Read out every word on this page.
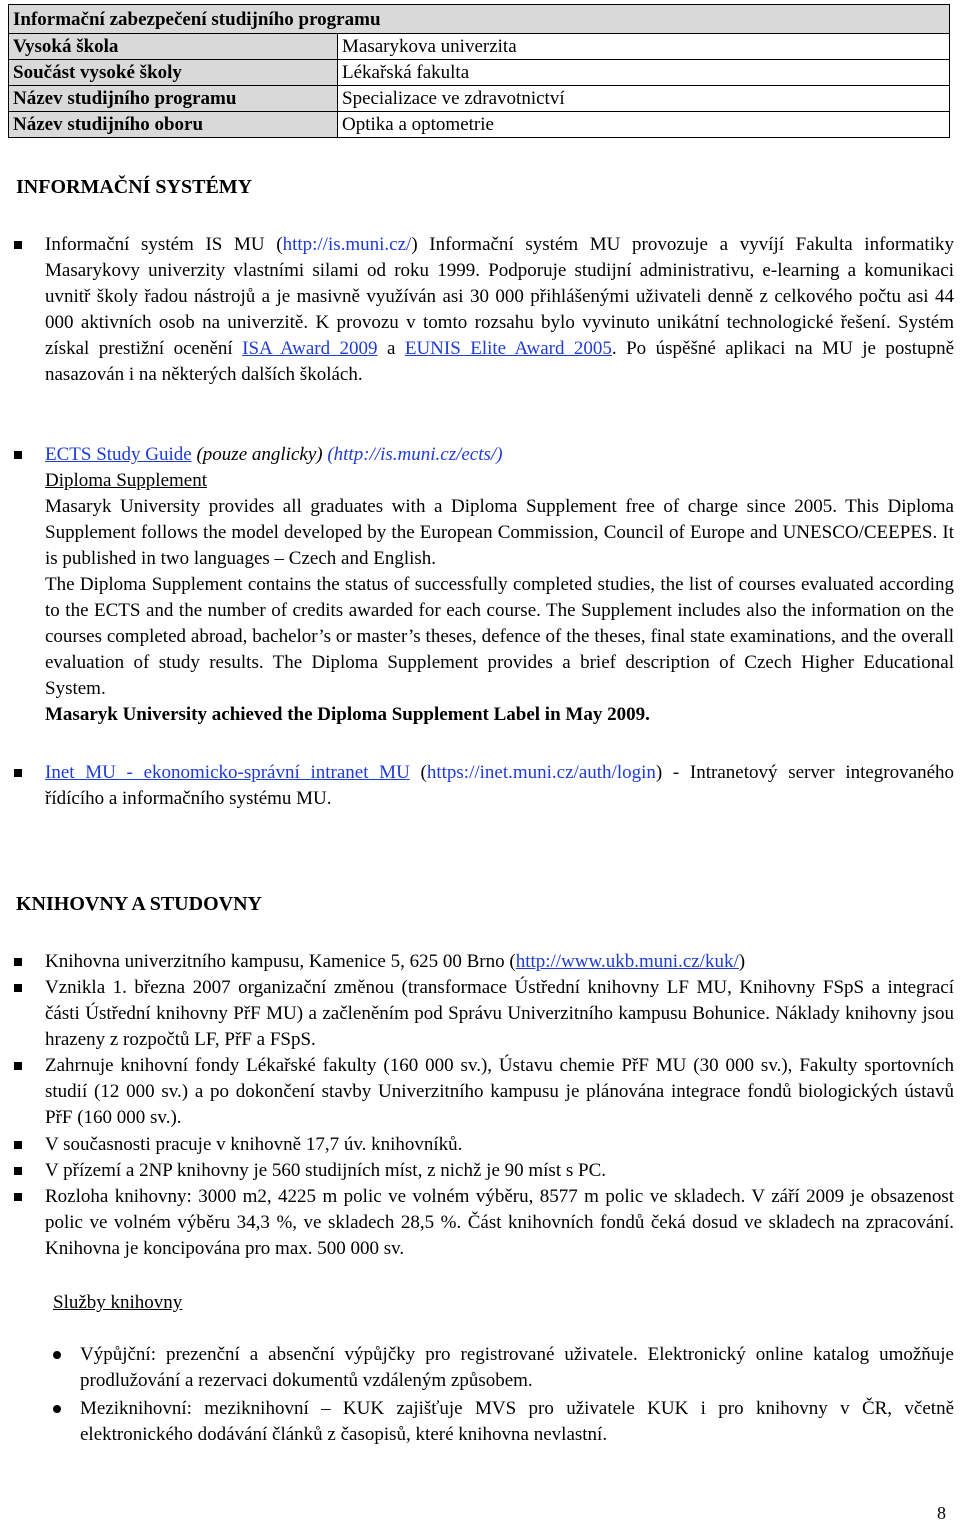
Informační zabezpečení studijního programu	
Vysoká škola	Masarykova univerzita
Součást vysoké školy	Lékařská fakulta
Název studijního programu	Specializace ve zdravotnictví
Název studijního oboru	Optika a optometrie
INFORMAČNÍ SYSTÉMY
Informační systém IS MU (http://is.muni.cz/) Informační systém MU provozuje a vyvíjí Fakulta informatiky Masarykovy univerzity vlastními silami od roku 1999. Podporuje studijní administrativu, e-learning a komunikaci uvnitř školy řadou nástrojů a je masivně využíván asi 30 000 přihlášenými uživateli denně z celkového počtu asi 44 000 aktivních osob na univerzitě. K provozu v tomto rozsahu bylo vyvinuto unikátní technologické řešení. Systém získal prestižní ocenění ISA Award 2009 a EUNIS Elite Award 2005. Po úspěšné aplikaci na MU je postupně nasazován i na některých dalších školách.
ECTS Study Guide (pouze anglicky) (http://is.muni.cz/ects/)
Diploma Supplement
Masaryk University provides all graduates with a Diploma Supplement free of charge since 2005. This Diploma Supplement follows the model developed by the European Commission, Council of Europe and UNESCO/CEEPES. It is published in two languages – Czech and English.
The Diploma Supplement contains the status of successfully completed studies, the list of courses evaluated according to the ECTS and the number of credits awarded for each course. The Supplement includes also the information on the courses completed abroad, bachelor’s or master’s theses, defence of the theses, final state examinations, and the overall evaluation of study results. The Diploma Supplement provides a brief description of Czech Higher Educational System.
Masaryk University achieved the Diploma Supplement Label in May 2009.
Inet MU - ekonomicko-správní intranet MU (https://inet.muni.cz/auth/login) - Intranetový server integrovaného řídícího a informačního systému MU.
KNIHOVNY A STUDOVNY
Knihovna univerzitního kampusu, Kamenice 5, 625 00 Brno (http://www.ukb.muni.cz/kuk/)
Vznikla 1. března 2007 organizační změnou (transformace Ústřední knihovny LF MU, Knihovny FSpS a integrací části Ústřední knihovny PřF MU) a začleněním pod Správu Univerzitního kampusu Bohunice. Náklady knihovny jsou hrazeny z rozpočtů LF, PřF a FSpS.
Zahrnuje knihovní fondy Lékařské fakulty (160 000 sv.), Ústavu chemie PřF MU (30 000 sv.), Fakulty sportovních studií (12 000 sv.) a po dokončení stavby Univerzitního kampusu je plánována integrace fondů biologických ústavů PřF (160 000 sv.).
V současnosti pracuje v knihovně 17,7 úv. knihovníků.
V přízemí a 2NP knihovny je 560 studijních míst, z nichž je 90 míst s PC.
Rozloha knihovny: 3000 m2, 4225 m polic ve volném výběru, 8577 m polic ve skladech. V září 2009 je obsazenost polic ve volném výběru 34,3 %, ve skladech 28,5 %. Část knihovních fondů čeká dosud ve skladech na zpracování. Knihovna je koncipována pro max. 500 000 sv.
Služby knihovny
Výpůjční: prezenční a absenční výpůjčky pro registrované uživatele. Elektronický online katalog umožňuje prodlužování a rezervaci dokumentů vzdáleným způsobem.
Meziknihovní: meziknihovní – KUK zajišťuje MVS pro uživatele KUK i pro knihovny v ČR, včetně elektronického dodávání článků z časopisů, které knihovna nevlastní.
8
